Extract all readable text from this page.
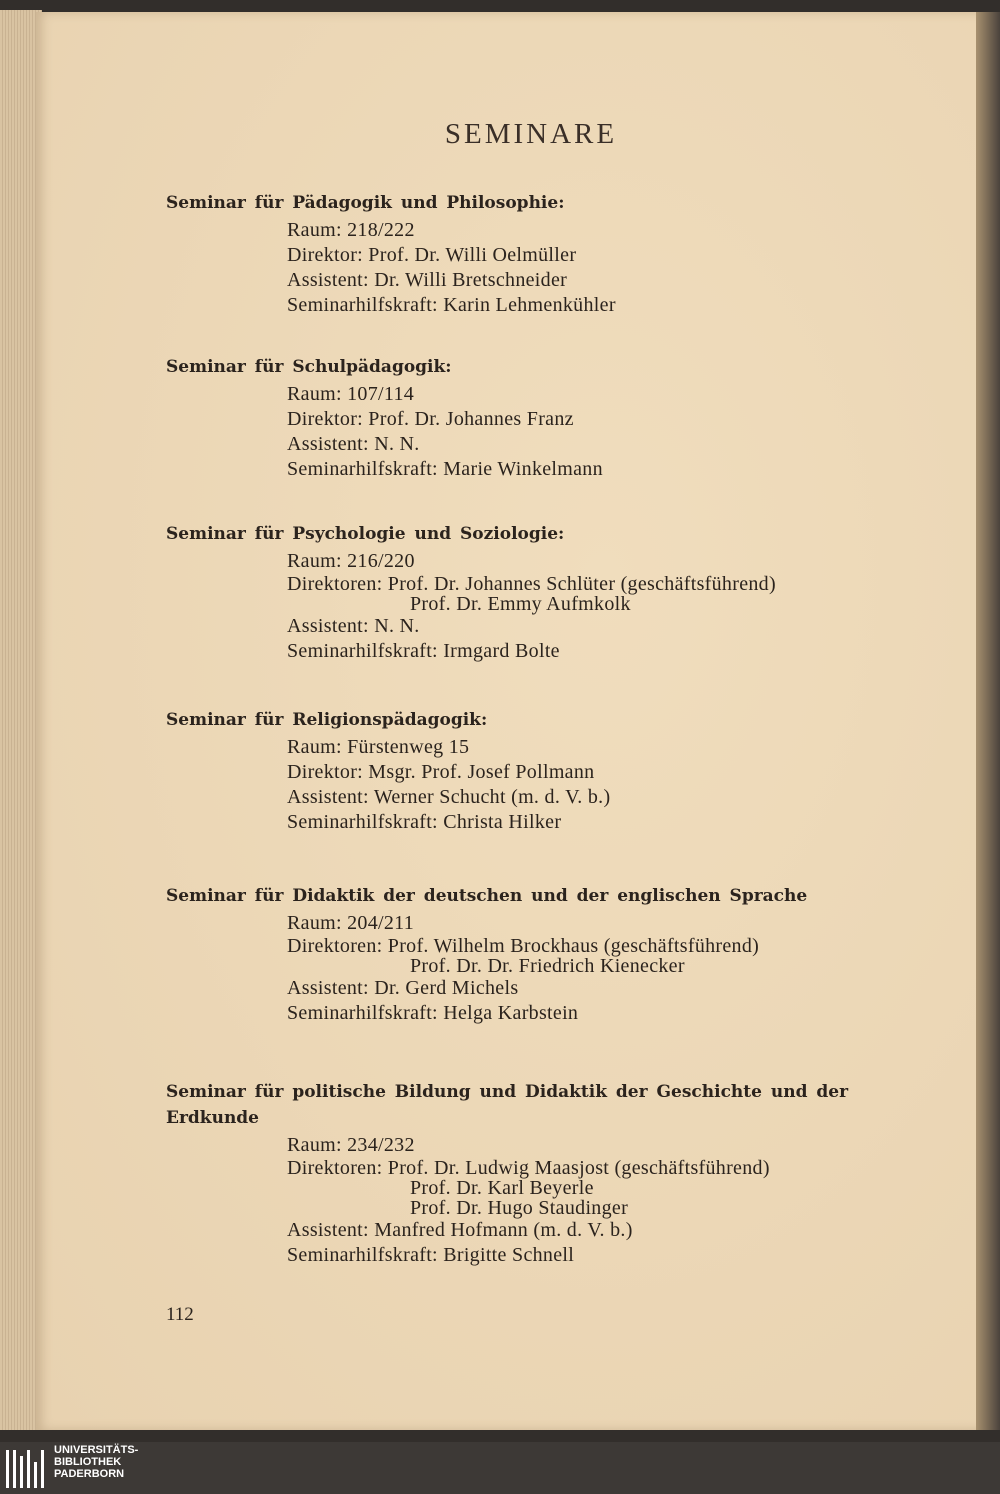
SEMINARE
Seminar für Pädagogik und Philosophie:
Raum: 218/222
Direktor: Prof. Dr. Willi Oelmüller
Assistent: Dr. Willi Bretschneider
Seminarhilfskraft: Karin Lehmenkühler
Seminar für Schulpädagogik:
Raum: 107/114
Direktor: Prof. Dr. Johannes Franz
Assistent: N. N.
Seminarhilfskraft: Marie Winkelmann
Seminar für Psychologie und Soziologie:
Raum: 216/220
Direktoren: Prof. Dr. Johannes Schlüter (geschäftsführend)
Prof. Dr. Emmy Aufmkolk
Assistent: N. N.
Seminarhilfskraft: Irmgard Bolte
Seminar für Religionspädagogik:
Raum: Fürstenweg 15
Direktor: Msgr. Prof. Josef Pollmann
Assistent: Werner Schucht (m. d. V. b.)
Seminarhilfskraft: Christa Hilker
Seminar für Didaktik der deutschen und der englischen Sprache
Raum: 204/211
Direktoren: Prof. Wilhelm Brockhaus (geschäftsführend)
Prof. Dr. Dr. Friedrich Kienecker
Assistent: Dr. Gerd Michels
Seminarhilfskraft: Helga Karbstein
Seminar für politische Bildung und Didaktik der Geschichte und der Erdkunde
Raum: 234/232
Direktoren: Prof. Dr. Ludwig Maasjost (geschäftsführend)
Prof. Dr. Karl Beyerle
Prof. Dr. Hugo Staudinger
Assistent: Manfred Hofmann (m. d. V. b.)
Seminarhilfskraft: Brigitte Schnell
112
UNIVERSITÄTS-
BIBLIOTHEK
PADERBORN
